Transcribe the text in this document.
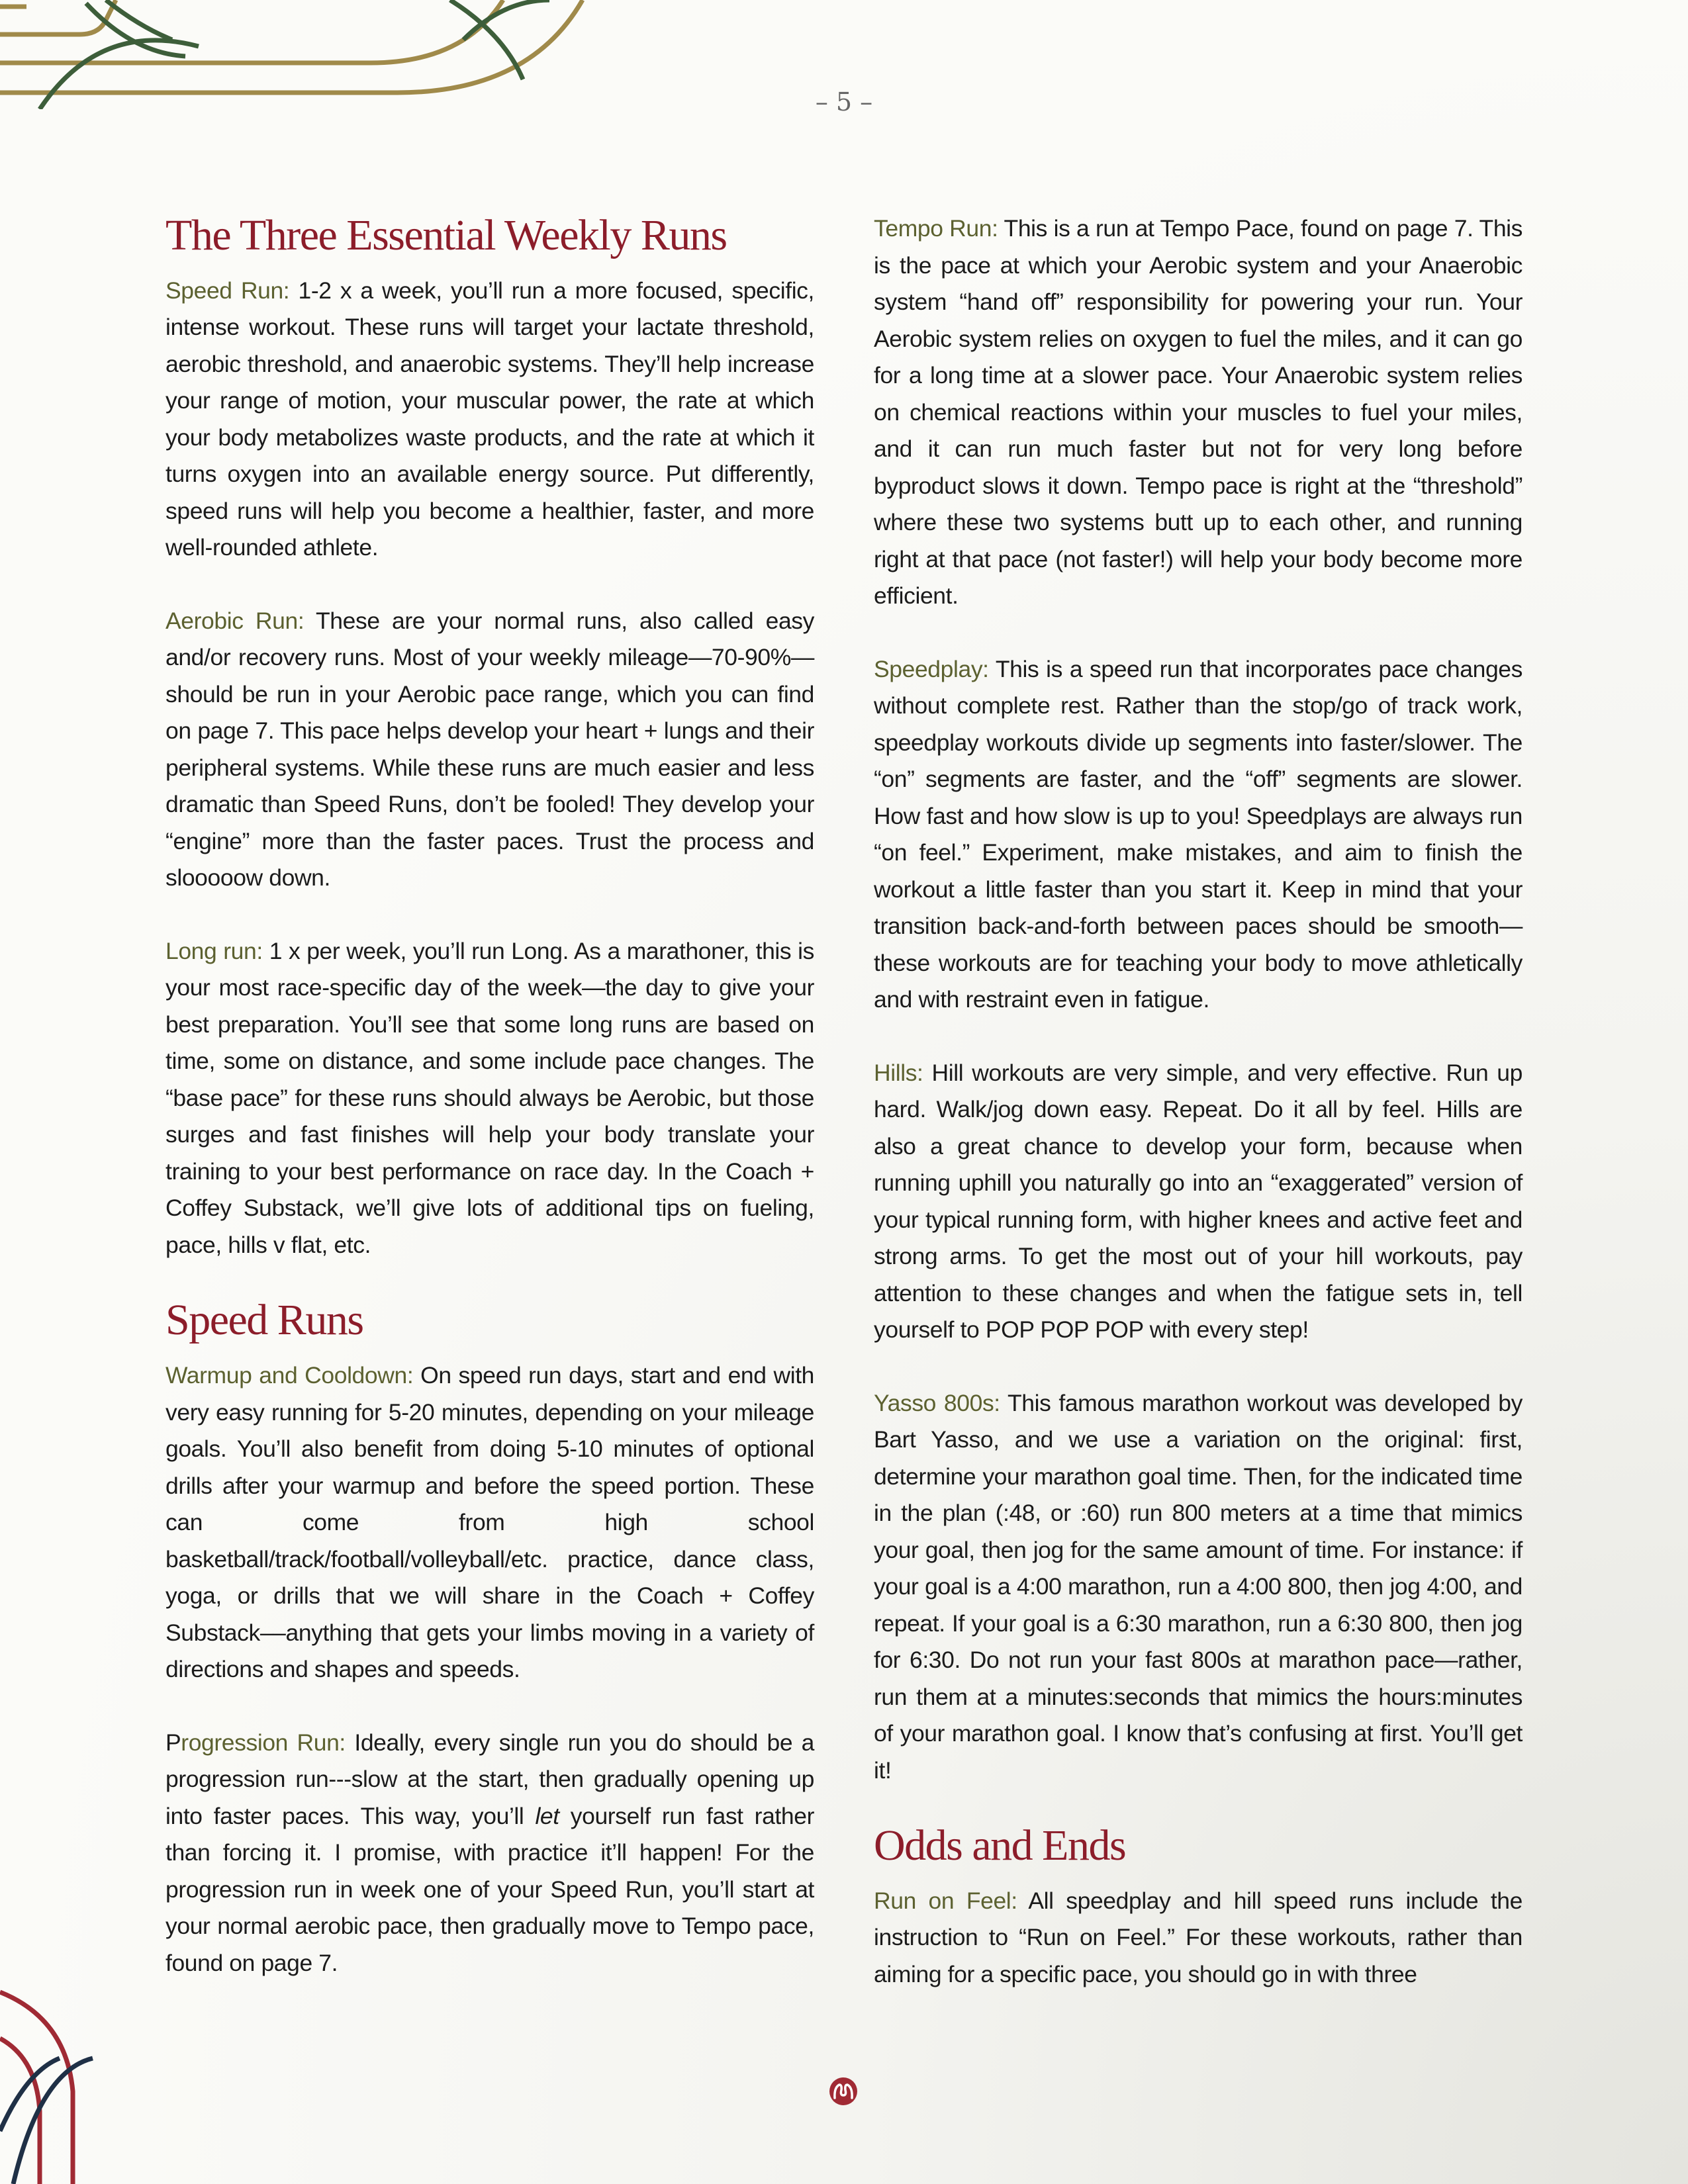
– 5 –
The Three Essential Weekly Runs

Speed Run: 1-2 x a week, you’ll run a more focused, specific, intense workout. These runs will target your lactate threshold, aerobic threshold, and anaerobic systems. They’ll help increase your range of motion, your muscular power, the rate at which your body metabolizes waste products, and the rate at which it turns oxygen into an available energy source. Put differently, speed runs will help you become a healthier, faster, and more well-rounded athlete.

Aerobic Run: These are your normal runs, also called easy and/or recovery runs. Most of your weekly mileage—70-90%—should be run in your Aerobic pace range, which you can find on page 7. This pace helps develop your heart + lungs and their peripheral systems. While these runs are much easier and less dramatic than Speed Runs, don’t be fooled! They develop your “engine” more than the faster paces. Trust the process and slooooow down.

Long run: 1 x per week, you’ll run Long. As a marathoner, this is your most race-specific day of the week—the day to give your best preparation. You’ll see that some long runs are based on time, some on distance, and some include pace changes. The “base pace” for these runs should always be Aerobic, but those surges and fast finishes will help your body translate your training to your best performance on race day. In the Coach + Coffey Substack, we’ll give lots of additional tips on fueling, pace, hills v flat, etc.

Speed Runs

Warmup and Cooldown: On speed run days, start and end with very easy running for 5-20 minutes, depending on your mileage goals. You’ll also benefit from doing 5-10 minutes of optional drills after your warmup and before the speed portion. These can come from high school basketball/track/football/volleyball/etc. practice, dance class, yoga, or drills that we will share in the Coach + Coffey Substack––anything that gets your limbs moving in a variety of directions and shapes and speeds.

Progression Run: Ideally, every single run you do should be a progression run---slow at the start, then gradually opening up into faster paces. This way, you’ll let yourself run fast rather than forcing it. I promise, with practice it’ll happen! For the progression run in week one of your Speed Run, you’ll start at your normal aerobic pace, then gradually move to Tempo pace, found on page 7.

Tempo Run: This is a run at Tempo Pace, found on page 7. This is the pace at which your Aerobic system and your Anaerobic system “hand off” responsibility for powering your run. Your Aerobic system relies on oxygen to fuel the miles, and it can go for a long time at a slower pace. Your Anaerobic system relies on chemical reactions within your muscles to fuel your miles, and it can run much faster but not for very long before byproduct slows it down. Tempo pace is right at the “threshold” where these two systems butt up to each other, and running right at that pace (not faster!) will help your body become more efficient.

Speedplay: This is a speed run that incorporates pace changes without complete rest. Rather than the stop/go of track work, speedplay workouts divide up segments into faster/slower. The “on” segments are faster, and the “off” segments are slower. How fast and how slow is up to you! Speedplays are always run “on feel.” Experiment, make mistakes, and aim to finish the workout a little faster than you start it. Keep in mind that your transition back-and-forth between paces should be smooth—these workouts are for teaching your body to move athletically and with restraint even in fatigue.

Hills: Hill workouts are very simple, and very effective. Run up hard. Walk/jog down easy. Repeat. Do it all by feel. Hills are also a great chance to develop your form, because when running uphill you naturally go into an “exaggerated” version of your typical running form, with higher knees and active feet and strong arms. To get the most out of your hill workouts, pay attention to these changes and when the fatigue sets in, tell yourself to POP POP POP with every step!

Yasso 800s: This famous marathon workout was developed by Bart Yasso, and we use a variation on the original: first, determine your marathon goal time. Then, for the indicated time in the plan (:48, or :60) run 800 meters at a time that mimics your goal, then jog for the same amount of time. For instance: if your goal is a 4:00 marathon, run a 4:00 800, then jog 4:00, and repeat. If your goal is a 6:30 marathon, run a 6:30 800, then jog for 6:30. Do not run your fast 800s at marathon pace—rather, run them at a minutes:seconds that mimics the hours:minutes of your marathon goal. I know that’s confusing at first. You’ll get it!

Odds and Ends

Run on Feel: All speedplay and hill speed runs include the instruction to “Run on Feel.” For these workouts, rather than aiming for a specific pace, you should go in with three
